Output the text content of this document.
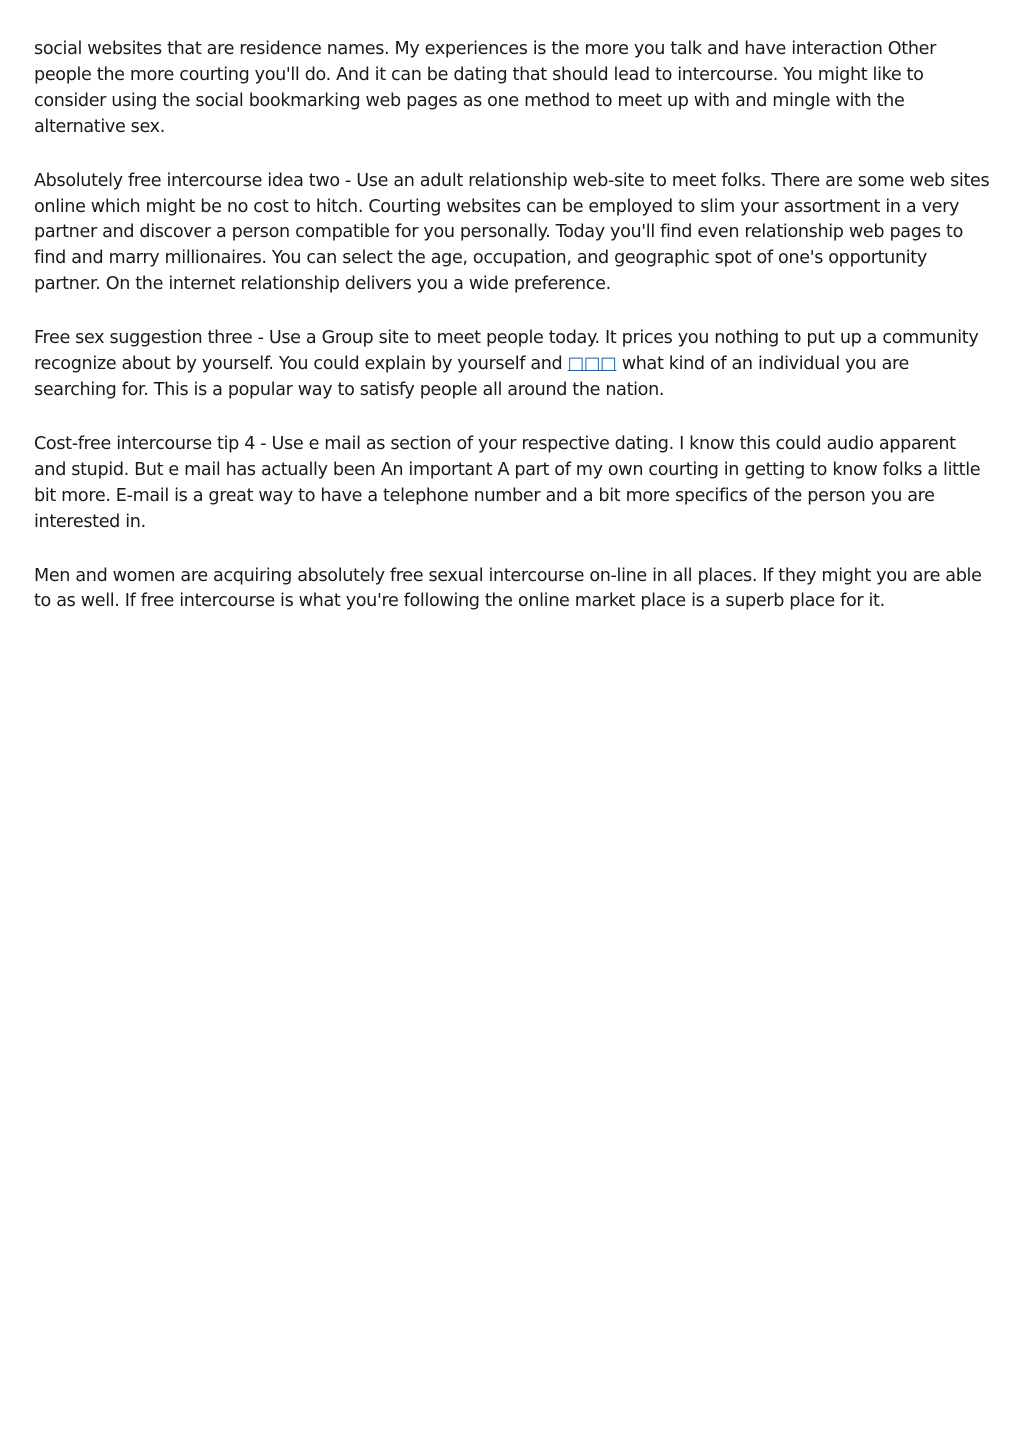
social websites that are residence names. My experiences is the more you talk and have interaction Other people the more courting you'll do. And it can be dating that should lead to intercourse. You might like to consider using the social bookmarking web pages as one method to meet up with and mingle with the alternative sex.

Absolutely free intercourse idea two - Use an adult relationship web-site to meet folks. There are some web sites online which might be no cost to hitch. Courting websites can be employed to slim your assortment in a very partner and discover a person compatible for you personally. Today you'll find even relationship web pages to find and marry millionaires. You can select the age, occupation, and geographic spot of one's opportunity partner. On the internet relationship delivers you a wide preference.

Free sex suggestion three - Use a Group site to meet people today. It prices you nothing to put up a community recognize about by yourself. You could explain by yourself and □□□ what kind of an individual you are searching for. This is a popular way to satisfy people all around the nation.

Cost-free intercourse tip 4 - Use e mail as section of your respective dating. I know this could audio apparent and stupid. But e mail has actually been An important A part of my own courting in getting to know folks a little bit more. E-mail is a great way to have a telephone number and a bit more specifics of the person you are interested in.

Men and women are acquiring absolutely free sexual intercourse on-line in all places. If they might you are able to as well. If free intercourse is what you're following the online market place is a superb place for it.
